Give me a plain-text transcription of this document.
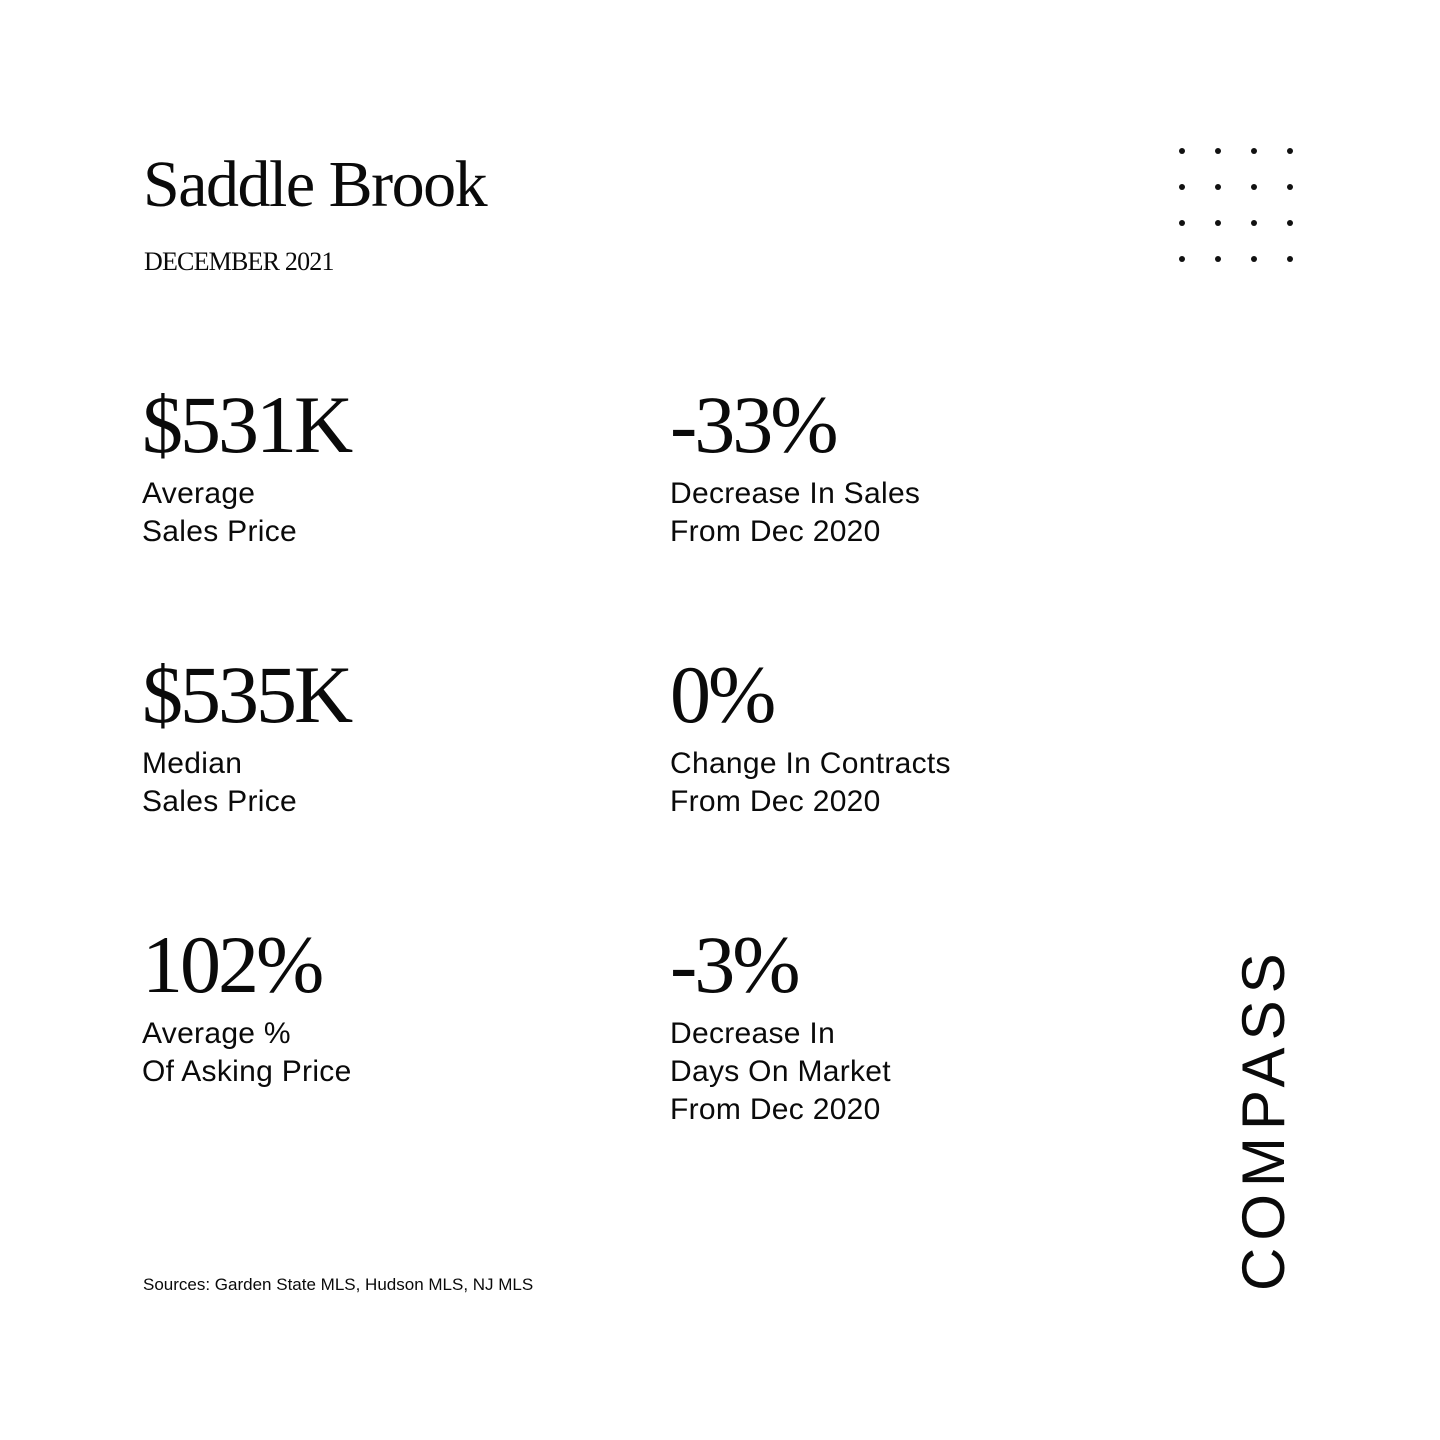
Saddle Brook
DECEMBER 2021
$531K
Average
Sales Price
-33%
Decrease In Sales
From Dec 2020
$535K
Median
Sales Price
0%
Change In Contracts
From Dec 2020
102%
Average %
Of Asking Price
-3%
Decrease In
Days On Market
From Dec 2020
Sources: Garden State MLS, Hudson MLS, NJ MLS	COMPASS
